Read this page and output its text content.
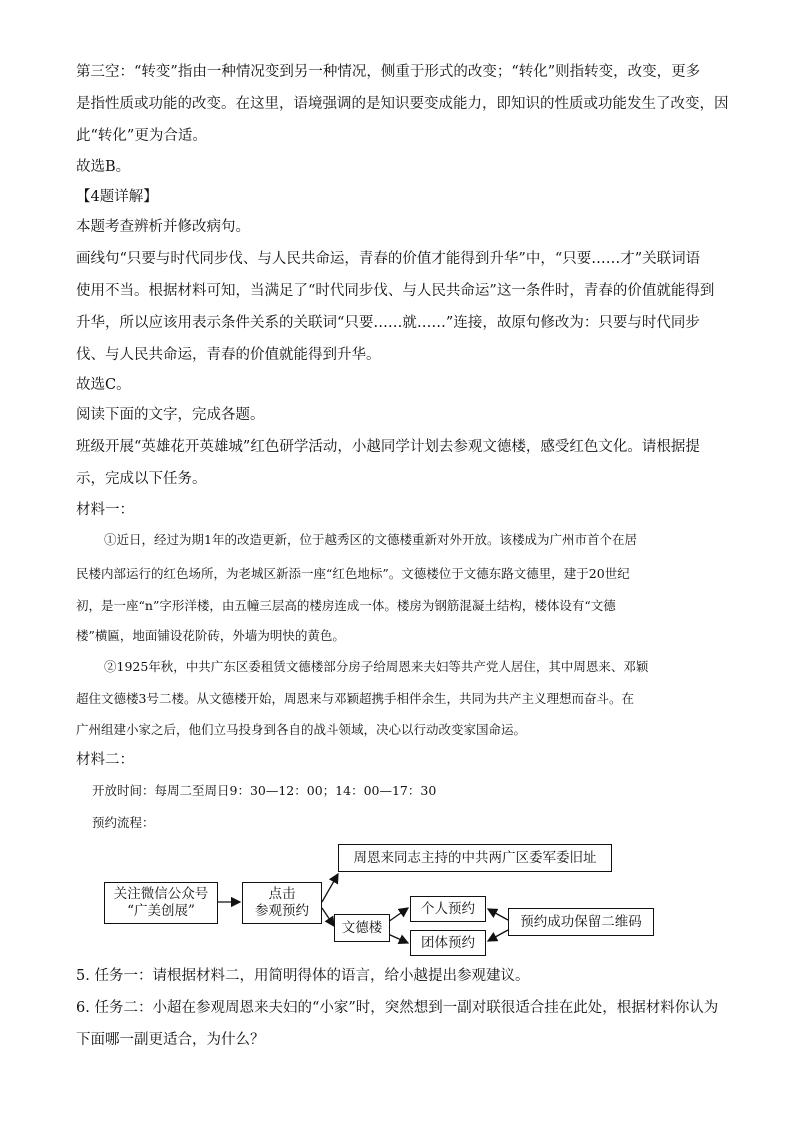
第三空：“转变”指由一种情况变到另一种情况，侧重于形式的改变；“转化”则指转变，改变，更多
是指性质或功能的改变。在这里，语境强调的是知识要变成能力，即知识的性质或功能发生了改变，因
此“转化”更为合适。
故选B。
【4题详解】
本题考查辨析并修改病句。
画线句“只要与时代同步伐、与人民共命运，青春的价值才能得到升华”中，“只要……才”关联词语
使用不当。根据材料可知，当满足了“时代同步伐、与人民共命运”这一条件时，青春的价值就能得到
升华，所以应该用表示条件关系的关联词“只要……就……”连接，故原句修改为：只要与时代同步
伐、与人民共命运，青春的价值就能得到升华。
故选C。
阅读下面的文字，完成各题。
班级开展“英雄花开英雄城”红色研学活动，小越同学计划去参观文德楼，感受红色文化。请根据提
示，完成以下任务。
材料一：
①近日，经过为期1年的改造更新，位于越秀区的文德楼重新对外开放。该楼成为广州市首个在居
民楼内部运行的红色场所，为老城区新添一座“红色地标”。文德楼位于文德东路文德里，建于20世纪
初，是一座“n”字形洋楼，由五幢三层高的楼房连成一体。楼房为钢筋混凝土结构，楼体设有“文德
楼”横匾，地面铺设花阶砖，外墙为明快的黄色。
②1925年秋，中共广东区委租赁文德楼部分房子给周恩来夫妇等共产党人居住，其中周恩来、邓颖
超住文德楼3号二楼。从文德楼开始，周恩来与邓颖超携手相伴余生，共同为共产主义理想而奋斗。在
广州组建小家之后，他们立马投身到各自的战斗领域，决心以行动改变家国命运。
材料二：
开放时间：每周二至周日9：30—12：00；14：00—17：30
预约流程：
5. 任务一：请根据材料二，用简明得体的语言，给小越提出参观建议。
6. 任务二：小超在参观周恩来夫妇的“小家”时，突然想到一副对联很适合挂在此处，根据材料你认为
下面哪一副更适合，为什么？
关注微信公众号
“广美创展”
点击
参观预约
周恩来同志主持的中共两广区委军委旧址
文德楼
个人预约
团体预约
预约成功保留二维码
